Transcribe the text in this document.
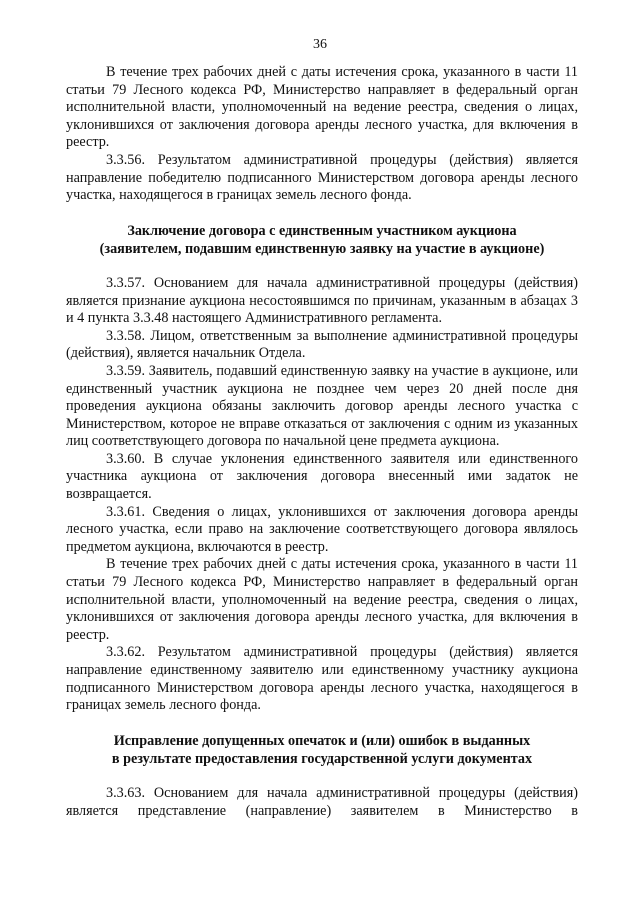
36

В течение трех рабочих дней с даты истечения срока, указанного в части 11 статьи 79 Лесного кодекса РФ, Министерство направляет в федеральный орган исполнительной власти, уполномоченный на ведение реестра, сведения о лицах, уклонившихся от заключения договора аренды лесного участка, для включения в реестр.

3.3.56. Результатом административной процедуры (действия) является направление победителю подписанного Министерством договора аренды лесного участка, находящегося в границах земель лесного фонда.

Заключение договора с единственным участником аукциона
(заявителем, подавшим единственную заявку на участие в аукционе)

3.3.57. Основанием для начала административной процедуры (действия) является признание аукциона несостоявшимся по причинам, указанным в абзацах 3 и 4 пункта 3.3.48 настоящего Административного регламента.

3.3.58. Лицом, ответственным за выполнение административной процедуры (действия), является начальник Отдела.

3.3.59. Заявитель, подавший единственную заявку на участие в аукционе, или единственный участник аукциона не позднее чем через 20 дней после дня проведения аукциона обязаны заключить договор аренды лесного участка с Министерством, которое не вправе отказаться от заключения с одним из указанных лиц соответствующего договора по начальной цене предмета аукциона.

3.3.60. В случае уклонения единственного заявителя или единственного участника аукциона от заключения договора внесенный ими задаток не возвращается.

3.3.61. Сведения о лицах, уклонившихся от заключения договора аренды лесного участка, если право на заключение соответствующего договора являлось предметом аукциона, включаются в реестр.

В течение трех рабочих дней с даты истечения срока, указанного в части 11 статьи 79 Лесного кодекса РФ, Министерство направляет в федеральный орган исполнительной власти, уполномоченный на ведение реестра, сведения о лицах, уклонившихся от заключения договора аренды лесного участка, для включения в реестр.

3.3.62. Результатом административной процедуры (действия) является направление единственному заявителю или единственному участнику аукциона подписанного Министерством договора аренды лесного участка, находящегося в границах земель лесного фонда.

Исправление допущенных опечаток и (или) ошибок в выданных
в результате предоставления государственной услуги документах

3.3.63. Основанием для начала административной процедуры (действия) является представление (направление) заявителем в Министерство в
